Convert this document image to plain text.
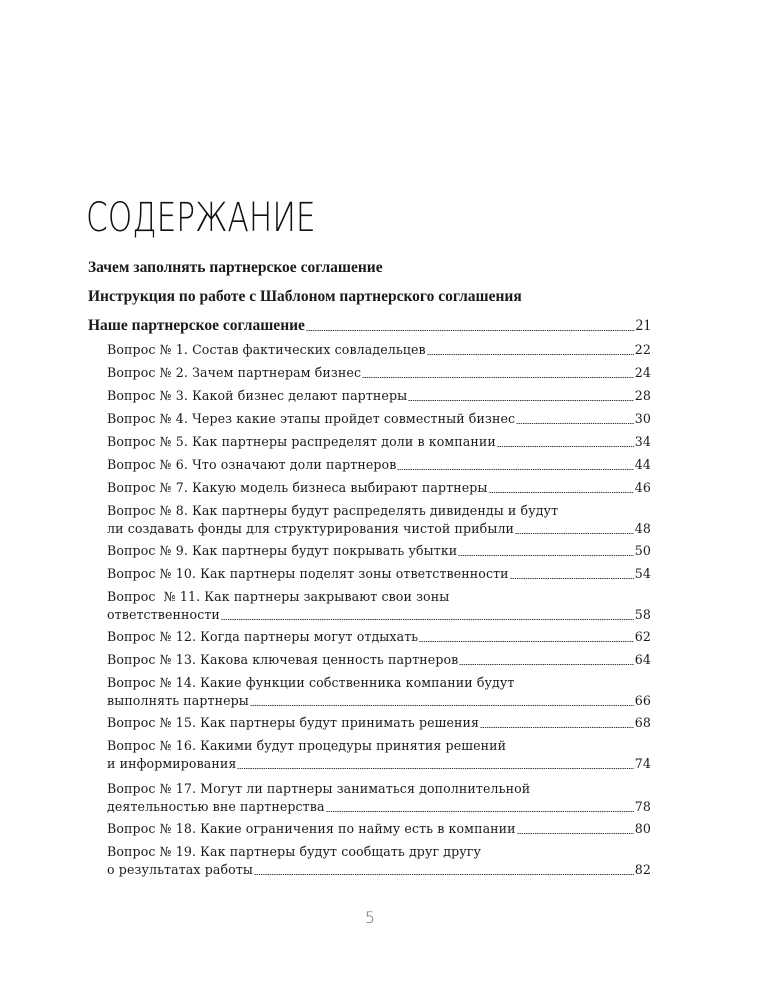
СОДЕРЖАНИЕ
Зачем заполнять партнерское соглашение
Инструкция по работе с Шаблоном партнерского соглашения
Наше партнерское соглашение	21
Вопрос № 1. Состав фактических совладельцев	22
Вопрос № 2. Зачем партнерам бизнес	24
Вопрос № 3. Какой бизнес делают партнеры	28
Вопрос № 4. Через какие этапы пройдет совместный бизнес	30
Вопрос № 5. Как партнеры распределят доли в компании	34
Вопрос № 6. Что означают доли партнеров	44
Вопрос № 7. Какую модель бизнеса выбирают партнеры	46
Вопрос № 8. Как партнеры будут распределять дивиденды и будут
ли создавать фонды для структурирования чистой прибыли	48
Вопрос № 9. Как партнеры будут покрывать убытки	50
Вопрос № 10. Как партнеры поделят зоны ответственности	54
Вопрос  № 11. Как партнеры закрывают свои зоны
ответственности	58
Вопрос № 12. Когда партнеры могут отдыхать	62
Вопрос № 13. Какова ключевая ценность партнеров	64
Вопрос № 14. Какие функции собственника компании будут
выполнять партнеры	66
Вопрос № 15. Как партнеры будут принимать решения	68
Вопрос № 16. Какими будут процедуры принятия решений
и информирования	74
Вопрос № 17. Могут ли партнеры заниматься дополнительной
деятельностью вне партнерства	78
Вопрос № 18. Какие ограничения по найму есть в компании	80
Вопрос № 19. Как партнеры будут сообщать друг другу
о результатах работы	82
5
